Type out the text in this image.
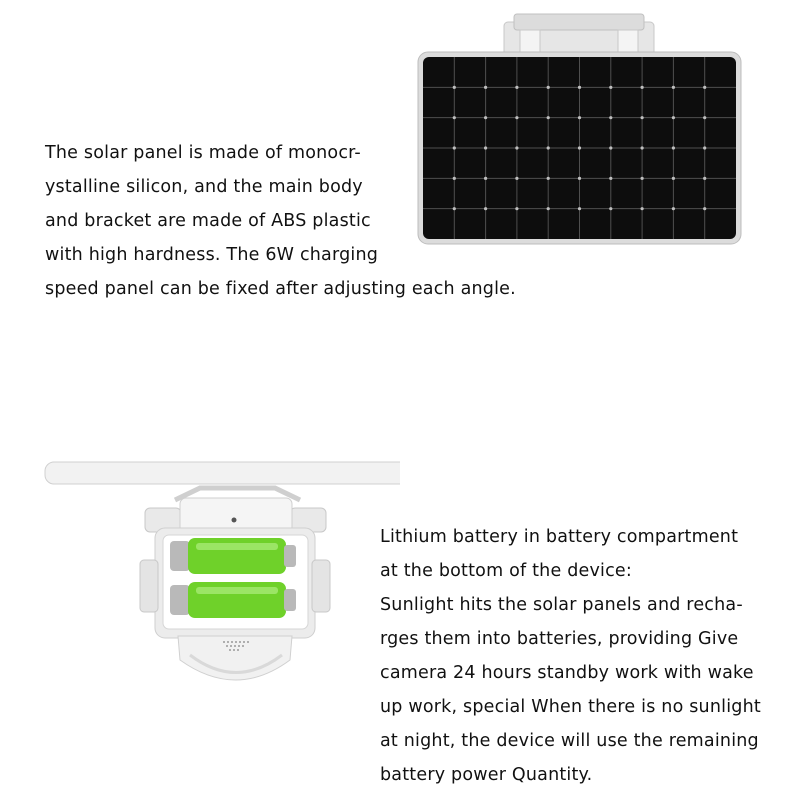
The solar panel is made of monocr-
ystalline silicon, and the main body
and bracket are made of ABS plastic
with high hardness. The 6W charging
speed panel can be fixed after adjusting each angle.
Lithium battery in battery compartment
at the bottom of the device:
Sunlight hits the solar panels and recha-
rges them into batteries, providing Give
camera 24 hours standby work with wake
up work, special When there is no sunlight
at night, the device will use the remaining
battery power Quantity.
